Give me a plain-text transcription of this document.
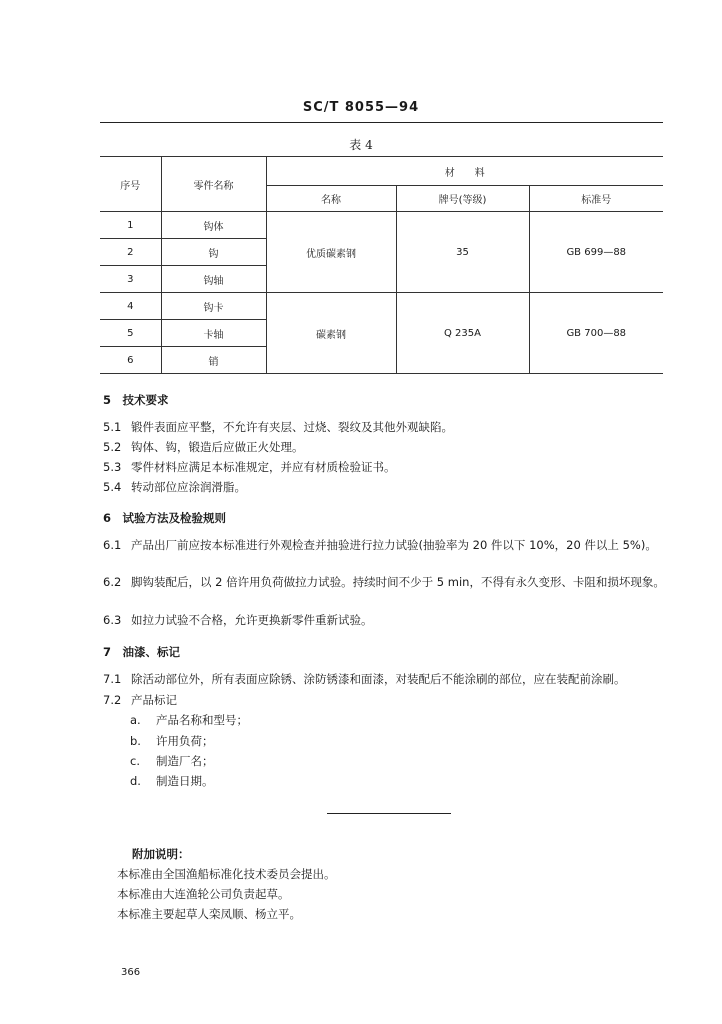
SC/T 8055—94
表 4
序号	零件名称	材　　料		
		名称	牌号(等级)	标准号
1	钩体	优质碳素钢	35	GB 699—88
2	钩			
3	钩轴			
4	钩卡	碳素钢	Q 235A	GB 700—88
5	卡轴			
6	销			
5　技术要求
5.1 锻件表面应平整，不允许有夹层、过烧、裂纹及其他外观缺陷。
5.2 钩体、钩，锻造后应做正火处理。
5.3 零件材料应满足本标准规定，并应有材质检验证书。
5.4 转动部位应涂润滑脂。
6　试验方法及检验规则
6.1 产品出厂前应按本标准进行外观检查并抽验进行拉力试验(抽验率为 20 件以下 10%，20 件以上 5%)。
6.2 脚钩装配后，以 2 倍许用负荷做拉力试验。持续时间不少于 5 min，不得有永久变形、卡阻和损坏现象。
6.3 如拉力试验不合格，允许更换新零件重新试验。
7　油漆、标记
7.1 除活动部位外，所有表面应除锈、涂防锈漆和面漆，对装配后不能涂刷的部位，应在装配前涂刷。
7.2 产品标记
a. 产品名称和型号；
b. 许用负荷；
c. 制造厂名；
d. 制造日期。
附加说明：
本标准由全国渔船标准化技术委员会提出。
本标准由大连渔轮公司负责起草。
本标准主要起草人栾凤顺、杨立平。
366
